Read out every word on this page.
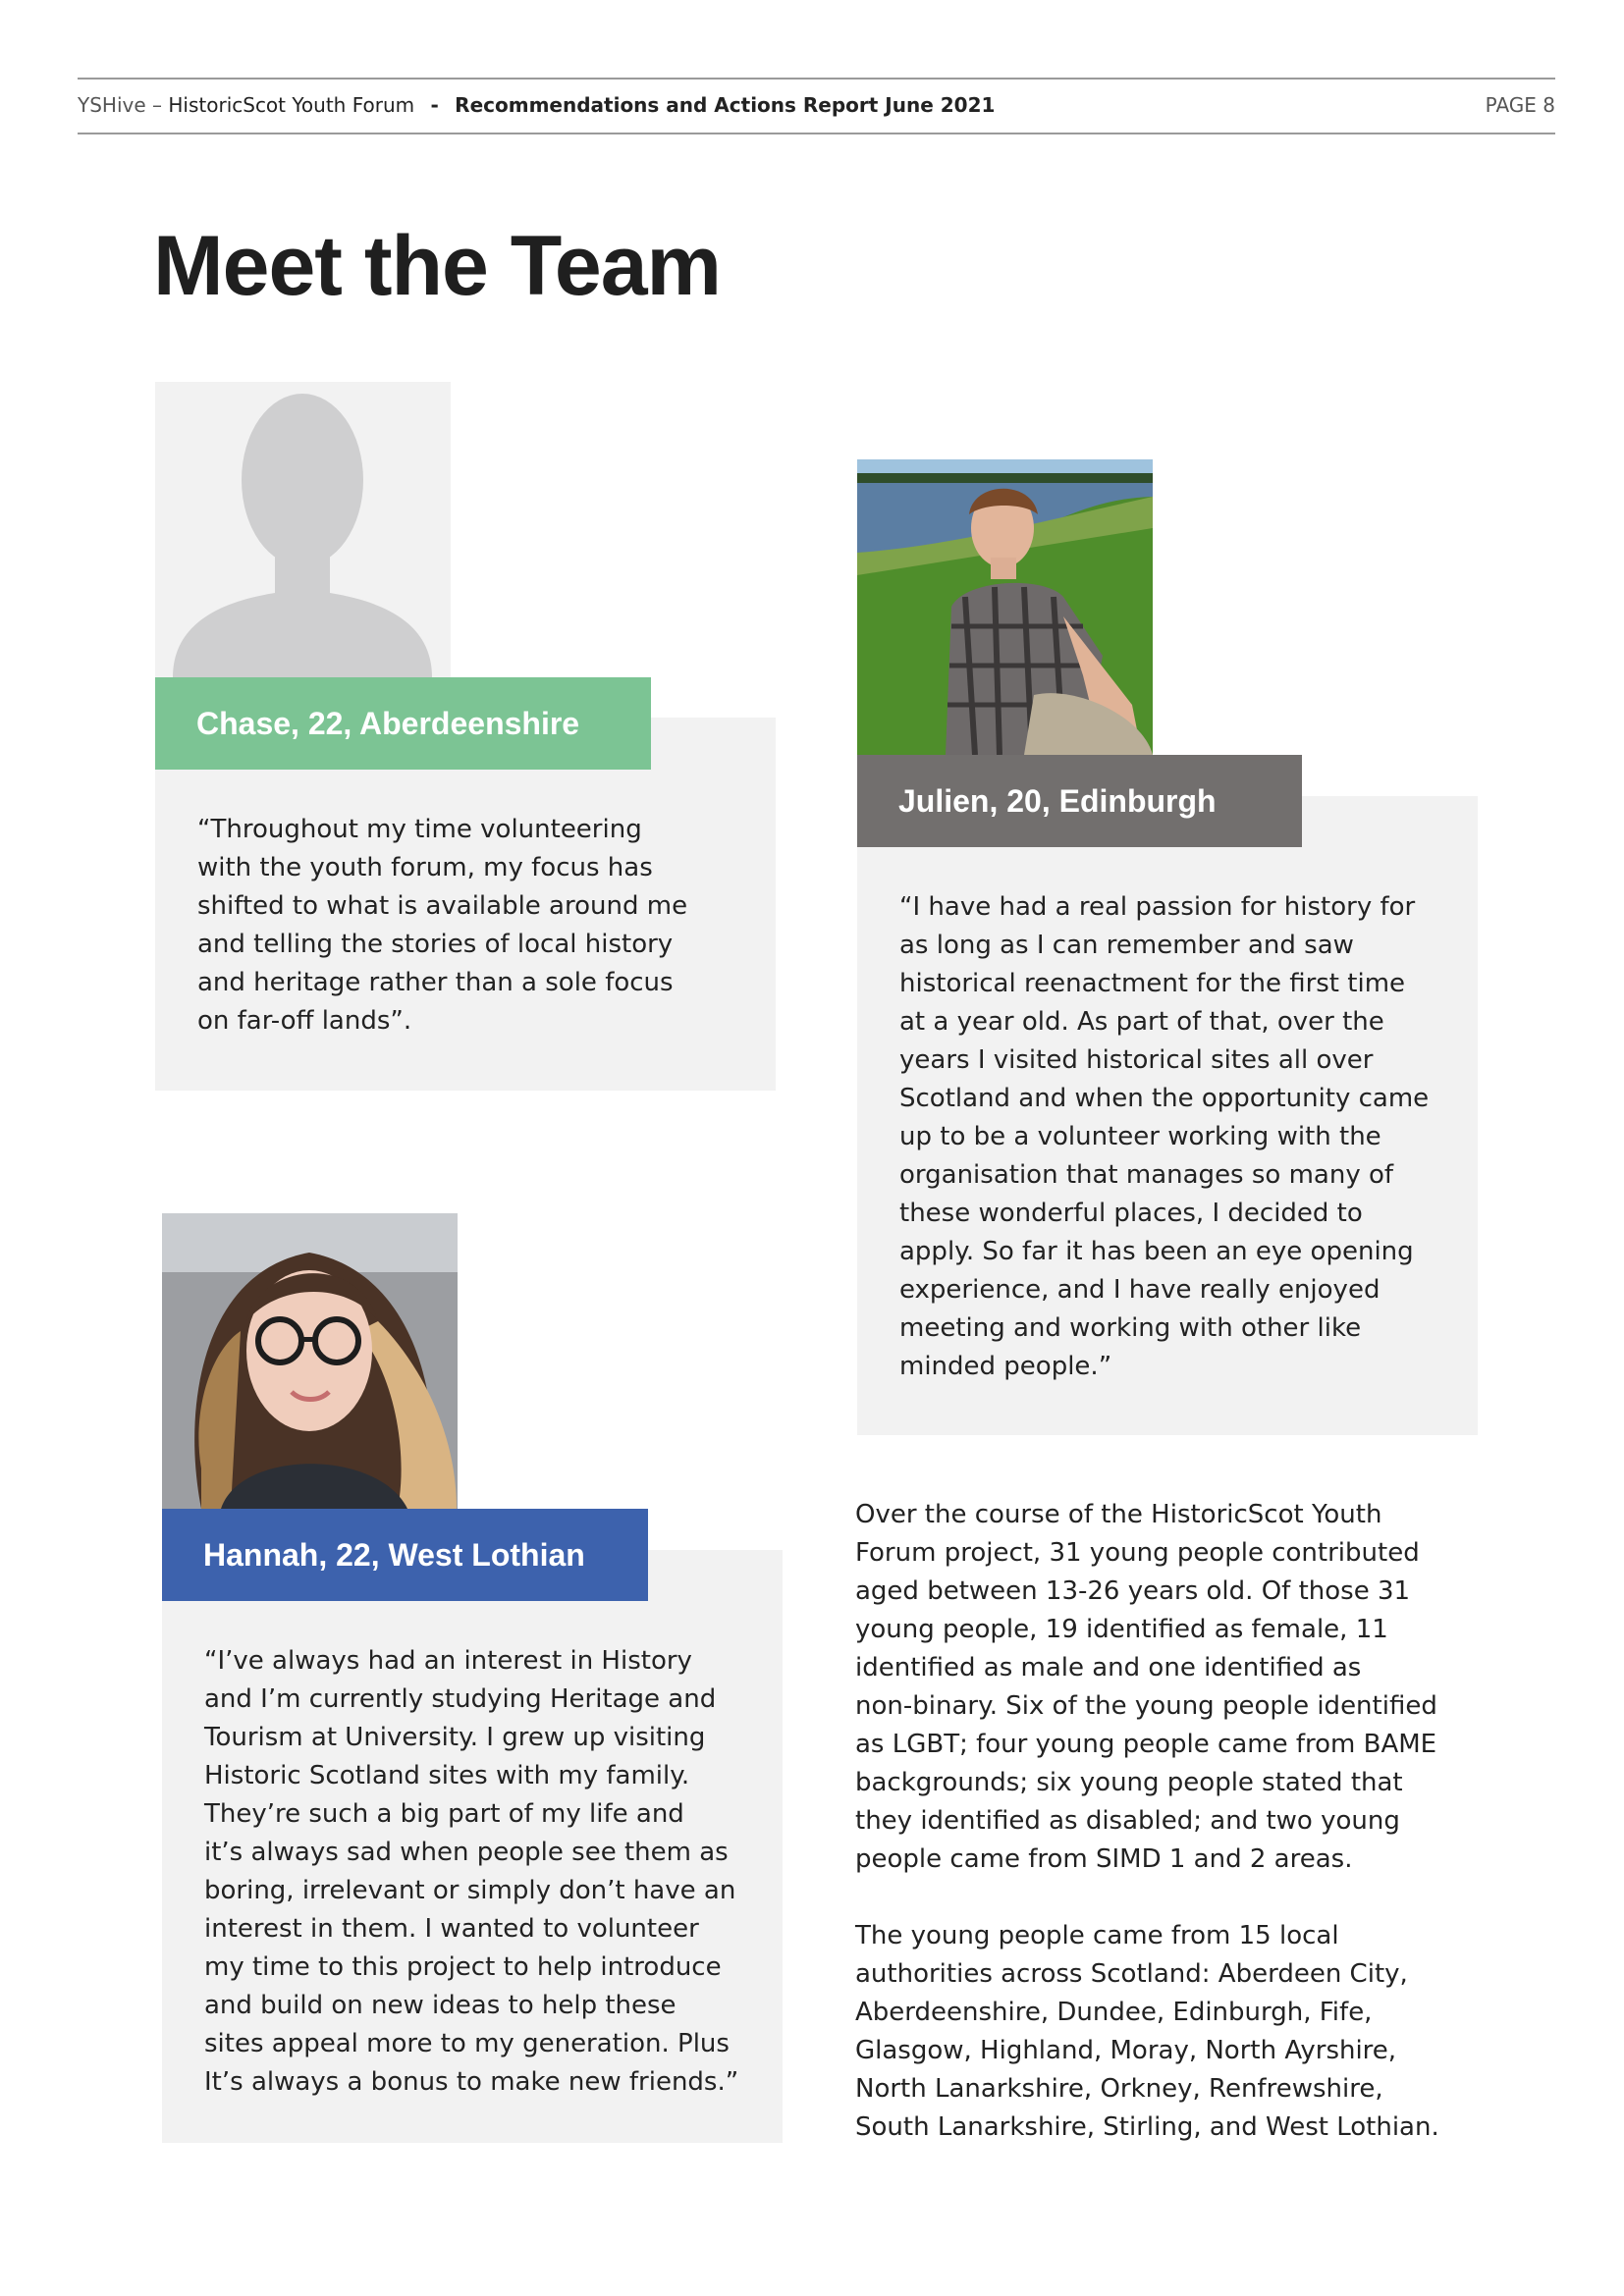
YSHive – HistoricScot Youth Forum - Recommendations and Actions Report June 2021	PAGE 8
Meet the Team
Chase, 22, Aberdeenshire
“Throughout my time volunteering
with the youth forum, my focus has
shifted to what is available around me
and telling the stories of local history
and heritage rather than a sole focus
on far-off lands”.
Julien, 20, Edinburgh
“I have had a real passion for history for
as long as I can remember and saw
historical reenactment for the first time
at a year old. As part of that, over the
years I visited historical sites all over
Scotland and when the opportunity came
up to be a volunteer working with the
organisation that manages so many of
these wonderful places, I decided to
apply. So far it has been an eye opening
experience, and I have really enjoyed
meeting and working with other like
minded people.”
Hannah, 22, West Lothian
“I’ve always had an interest in History
and I’m currently studying Heritage and
Tourism at University. I grew up visiting
Historic Scotland sites with my family.
They’re such a big part of my life and
it’s always sad when people see them as
boring, irrelevant or simply don’t have an
interest in them. I wanted to volunteer
my time to this project to help introduce
and build on new ideas to help these
sites appeal more to my generation. Plus
It’s always a bonus to make new friends.”

Over the course of the HistoricScot Youth
Forum project, 31 young people contributed
aged between 13-26 years old. Of those 31
young people, 19 identified as female, 11
identified as male and one identified as
non-binary. Six of the young people identified
as LGBT; four young people came from BAME
backgrounds; six young people stated that
they identified as disabled; and two young
people came from SIMD 1 and 2 areas.

The young people came from 15 local
authorities across Scotland: Aberdeen City,
Aberdeenshire, Dundee, Edinburgh, Fife,
Glasgow, Highland, Moray, North Ayrshire,
North Lanarkshire, Orkney, Renfrewshire,
South Lanarkshire, Stirling, and West Lothian.
